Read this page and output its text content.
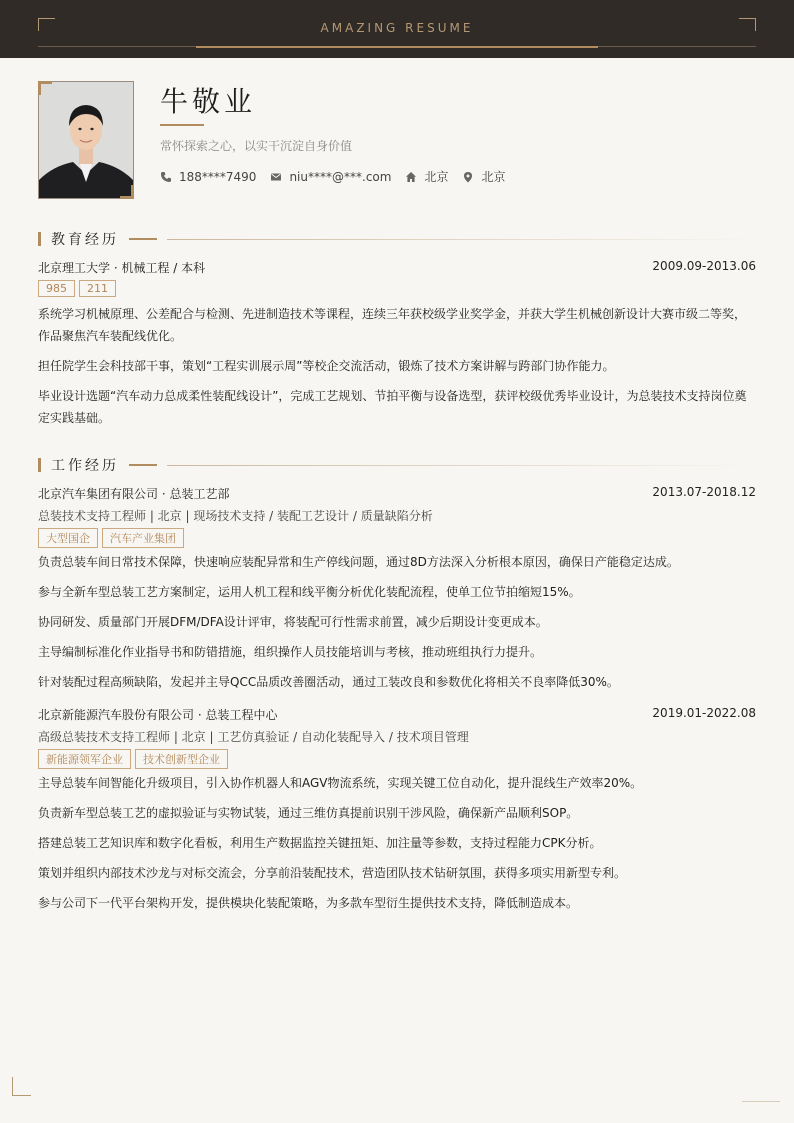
AMAZING RESUME
牛敬业
常怀探索之心，以实干沉淀自身价值
188****7490	niu****@***.com	北京	北京
教育经历
北京理工大学 · 机械工程 / 本科	2009.09-2013.06
985	211
系统学习机械原理、公差配合与检测、先进制造技术等课程，连续三年获校级学业奖学金，并获大学生机械创新设计大赛市级二等奖，作品聚焦汽车装配线优化。
担任院学生会科技部干事，策划“工程实训展示周”等校企交流活动，锻炼了技术方案讲解与跨部门协作能力。
毕业设计选题“汽车动力总成柔性装配线设计”，完成工艺规划、节拍平衡与设备选型，获评校级优秀毕业设计，为总装技术支持岗位奠定实践基础。
工作经历
北京汽车集团有限公司 · 总装工艺部	2013.07-2018.12
总装技术支持工程师 | 北京 | 现场技术支持 / 装配工艺设计 / 质量缺陷分析
大型国企	汽车产业集团
负责总装车间日常技术保障，快速响应装配异常和生产停线问题，通过8D方法深入分析根本原因，确保日产能稳定达成。
参与全新车型总装工艺方案制定，运用人机工程和线平衡分析优化装配流程，使单工位节拍缩短15%。
协同研发、质量部门开展DFM/DFA设计评审，将装配可行性需求前置，减少后期设计变更成本。
主导编制标准化作业指导书和防错措施，组织操作人员技能培训与考核，推动班组执行力提升。
针对装配过程高频缺陷，发起并主导QCC品质改善圈活动，通过工装改良和参数优化将相关不良率降低30%。
北京新能源汽车股份有限公司 · 总装工程中心	2019.01-2022.08
高级总装技术支持工程师 | 北京 | 工艺仿真验证 / 自动化装配导入 / 技术项目管理
新能源领军企业	技术创新型企业
主导总装车间智能化升级项目，引入协作机器人和AGV物流系统，实现关键工位自动化，提升混线生产效率20%。
负责新车型总装工艺的虚拟验证与实物试装，通过三维仿真提前识别干涉风险，确保新产品顺利SOP。
搭建总装工艺知识库和数字化看板，利用生产数据监控关键扭矩、加注量等参数，支持过程能力CPK分析。
策划并组织内部技术沙龙与对标交流会，分享前沿装配技术，营造团队技术钻研氛围，获得多项实用新型专利。
参与公司下一代平台架构开发，提供模块化装配策略，为多款车型衍生提供技术支持，降低制造成本。
